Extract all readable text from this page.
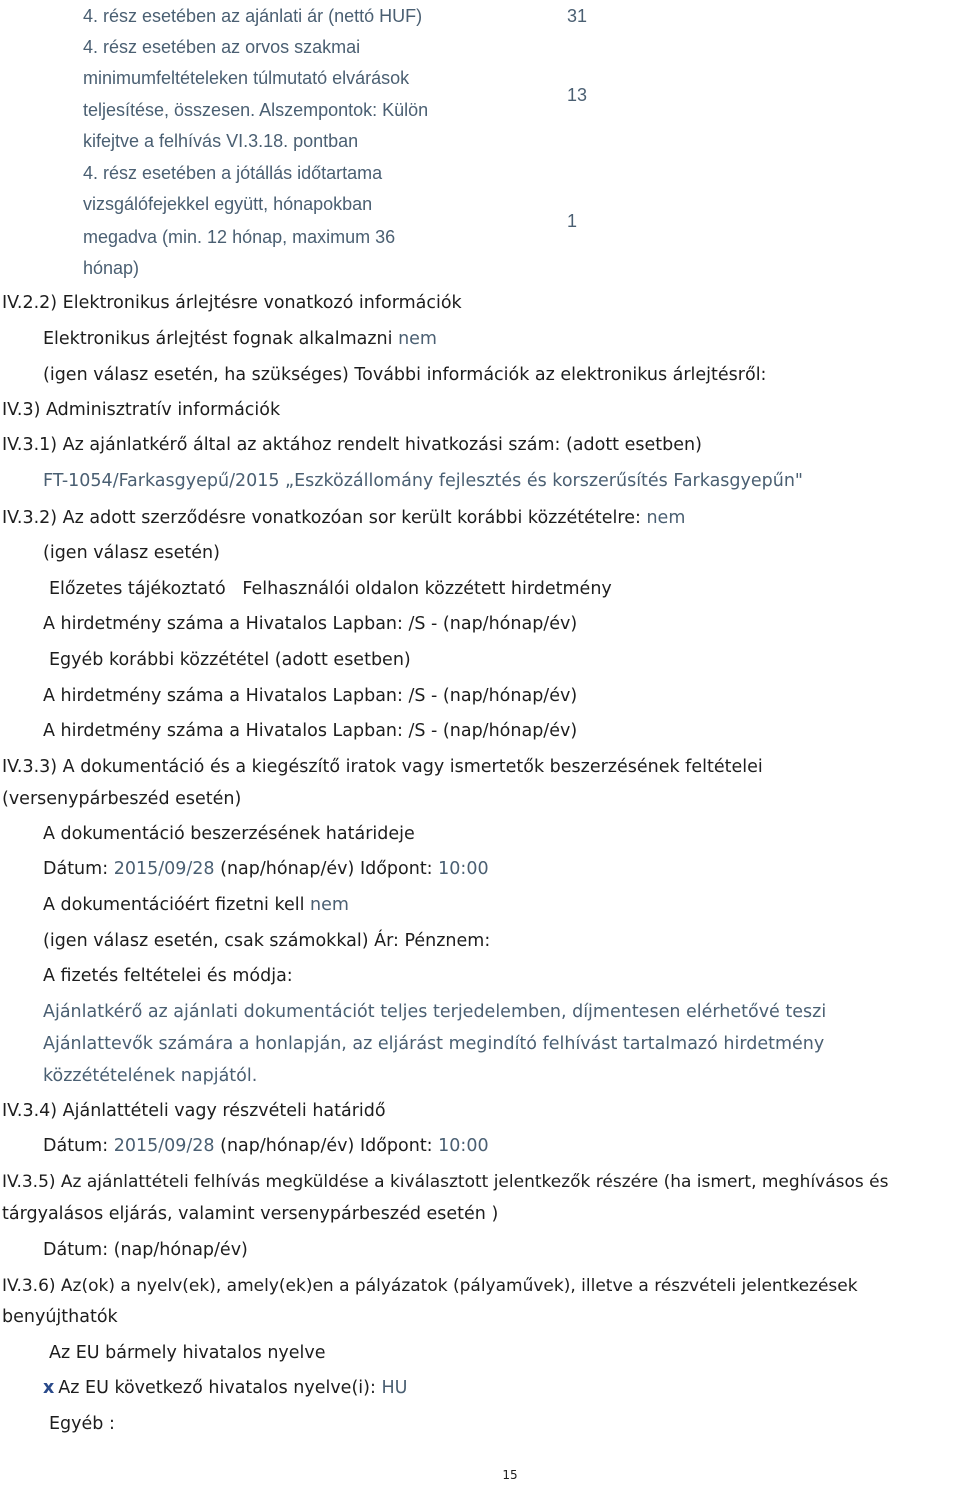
4. rész esetében az ajánlati ár (nettó HUF)	31
4. rész esetében az orvos szakmai
minimumfeltételeken túlmutató elvárások
teljesítése, összesen. Alszempontok: Külön
kifejtve a felhívás VI.3.18. pontban
13
4. rész esetében a jótállás időtartama
vizsgálófejekkel együtt, hónapokban
megadva (min. 12 hónap, maximum 36
hónap)
1
IV.2.2) Elektronikus árlejtésre vonatkozó információk
Elektronikus árlejtést fognak alkalmazni nem
(igen válasz esetén, ha szükséges) További információk az elektronikus árlejtésről:
IV.3) Adminisztratív információk
IV.3.1) Az ajánlatkérő által az aktához rendelt hivatkozási szám: (adott esetben)
FT-1054/Farkasgyepű/2015 „Eszközállomány fejlesztés és korszerűsítés Farkasgyepűn"
IV.3.2) Az adott szerződésre vonatkozóan sor került korábbi közzétételre: nem
(igen válasz esetén)
Előzetes tájékoztató Felhasználói oldalon közzétett hirdetmény
A hirdetmény száma a Hivatalos Lapban: /S - (nap/hónap/év)
Egyéb korábbi közzététel (adott esetben)
A hirdetmény száma a Hivatalos Lapban: /S - (nap/hónap/év)
A hirdetmény száma a Hivatalos Lapban: /S - (nap/hónap/év)
IV.3.3) A dokumentáció és a kiegészítő iratok vagy ismertetők beszerzésének feltételei
(versenypárbeszéd esetén)
A dokumentáció beszerzésének határideje
Dátum: 2015/09/28 (nap/hónap/év) Időpont: 10:00
A dokumentációért fizetni kell nem
(igen válasz esetén, csak számokkal) Ár: Pénznem:
A fizetés feltételei és módja:
Ajánlatkérő az ajánlati dokumentációt teljes terjedelemben, díjmentesen elérhetővé teszi
Ajánlattevők számára a honlapján, az eljárást megindító felhívást tartalmazó hirdetmény
közzétételének napjától.
IV.3.4) Ajánlattételi vagy részvételi határidő
Dátum: 2015/09/28 (nap/hónap/év) Időpont: 10:00
IV.3.5) Az ajánlattételi felhívás megküldése a kiválasztott jelentkezők részére (ha ismert, meghívásos és
tárgyalásos eljárás, valamint versenypárbeszéd esetén )
Dátum: (nap/hónap/év)
IV.3.6) Az(ok) a nyelv(ek), amely(ek)en a pályázatok (pályaművek), illetve a részvételi jelentkezések
benyújthatók
Az EU bármely hivatalos nyelve
x Az EU következő hivatalos nyelve(i): HU
Egyéb :
15
